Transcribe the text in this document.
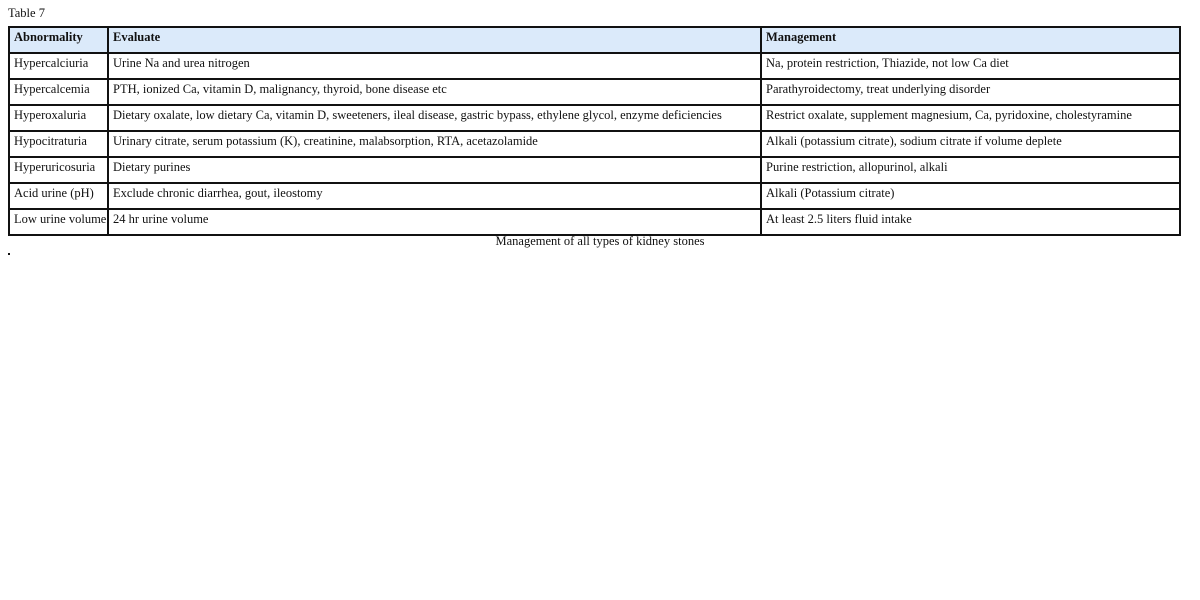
Table 7
Abnormality	Evaluate	Management
Hypercalciuria	Urine Na and urea nitrogen	Na, protein restriction, Thiazide, not low Ca diet
Hypercalcemia	PTH, ionized Ca, vitamin D, malignancy, thyroid, bone disease etc	Parathyroidectomy, treat underlying disorder
Hyperoxaluria	Dietary oxalate, low dietary Ca, vitamin D, sweeteners, ileal disease, gastric bypass, ethylene glycol, enzyme deficiencies	Restrict oxalate, supplement magnesium, Ca, pyridoxine, cholestyramine
Hypocitraturia	Urinary citrate, serum potassium (K), creatinine, malabsorption, RTA, acetazolamide	Alkali (potassium citrate), sodium citrate if volume deplete
Hyperuricosuria	Dietary purines	Purine restriction, allopurinol, alkali
Acid urine (pH)	Exclude chronic diarrhea, gout, ileostomy	Alkali (Potassium citrate)
Low urine volume	24 hr urine volume	At least 2.5 liters fluid intake
Management of all types of kidney stones
